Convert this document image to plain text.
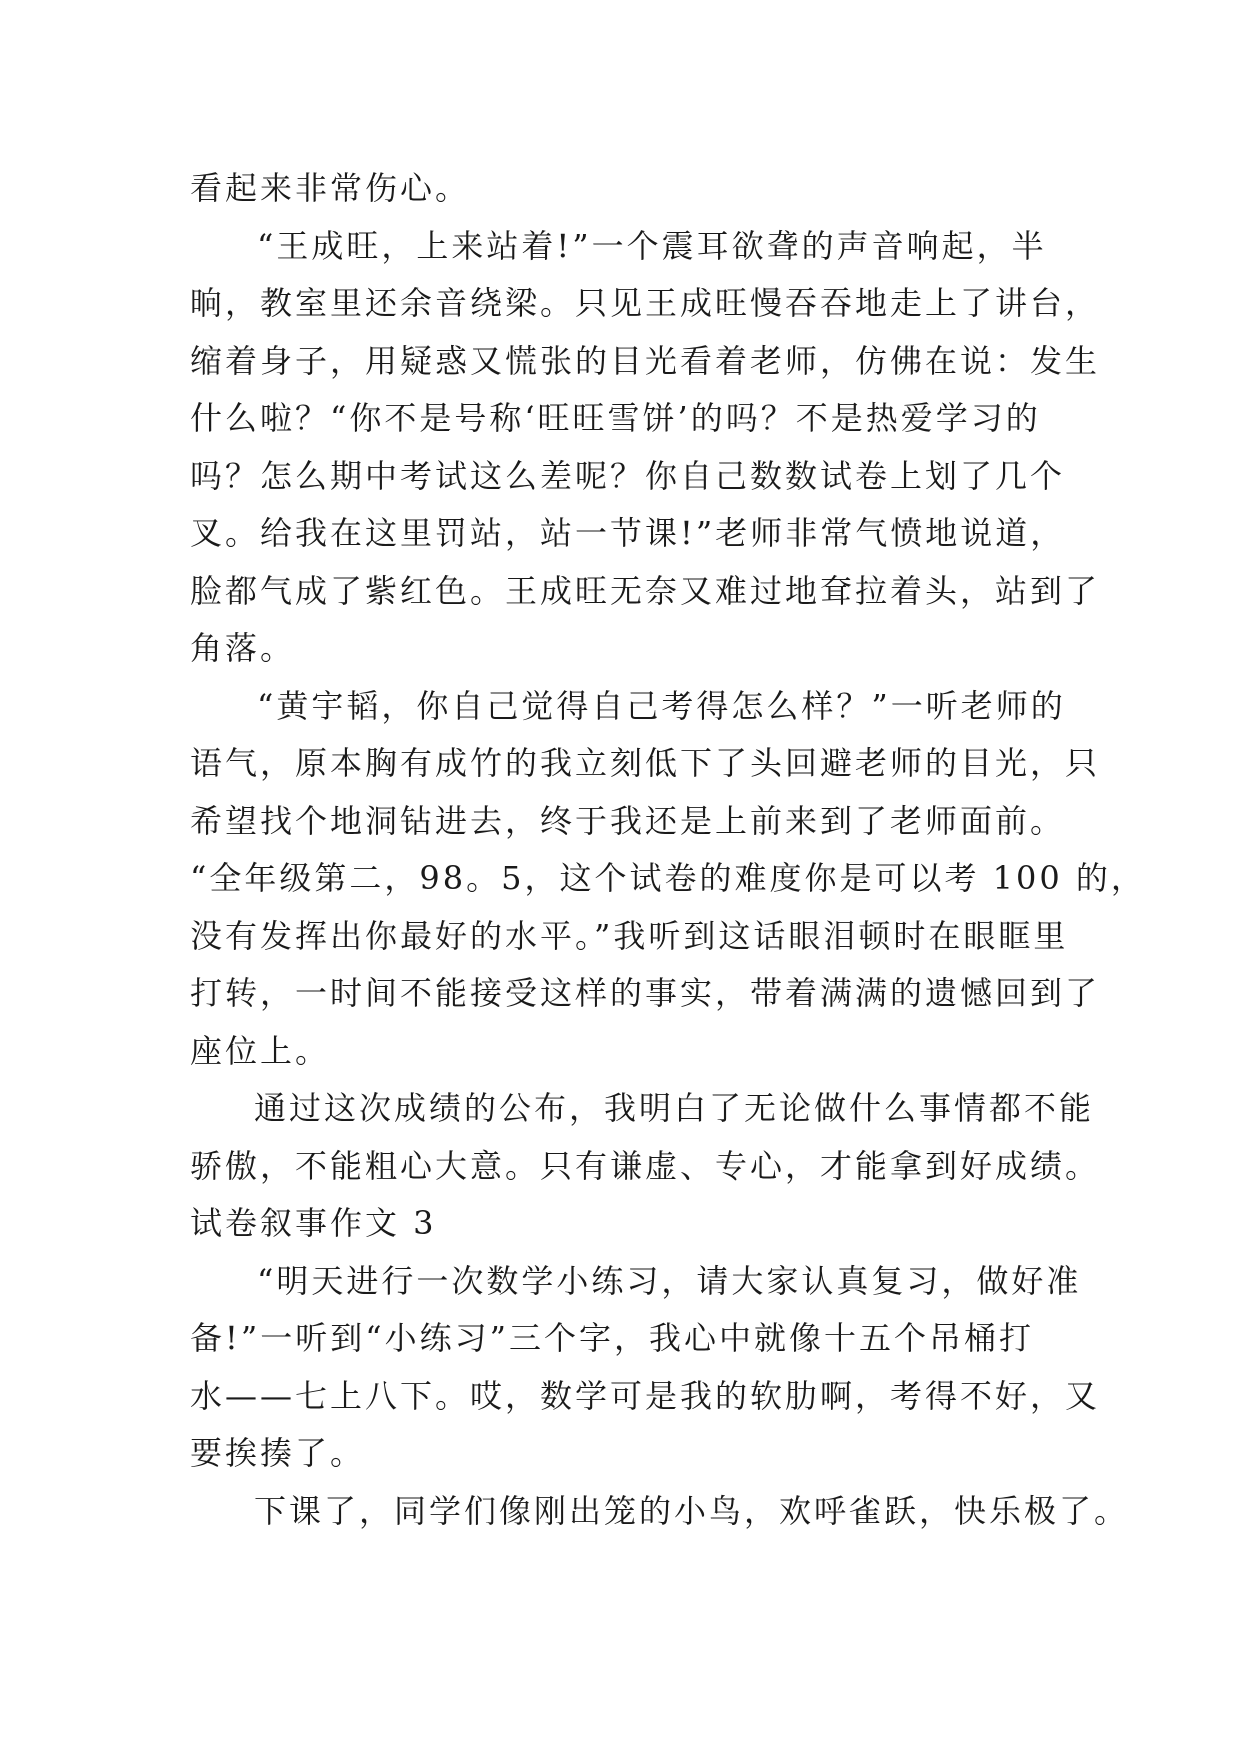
看起来非常伤心。
“王成旺，上来站着!”一个震耳欲聋的声音响起，半
晌，教室里还余音绕梁。只见王成旺慢吞吞地走上了讲台，
缩着身子，用疑惑又慌张的目光看着老师，仿佛在说：发生
什么啦？“你不是号称‘旺旺雪饼’的吗？不是热爱学习的
吗？怎么期中考试这么差呢？你自己数数试卷上划了几个
叉。给我在这里罚站，站一节课!”老师非常气愤地说道，
脸都气成了紫红色。王成旺无奈又难过地耷拉着头，站到了
角落。
“黄宇韬，你自己觉得自己考得怎么样？”一听老师的
语气，原本胸有成竹的我立刻低下了头回避老师的目光，只
希望找个地洞钻进去，终于我还是上前来到了老师面前。
“全年级第二，98。5，这个试卷的难度你是可以考 100 的，
没有发挥出你最好的水平。”我听到这话眼泪顿时在眼眶里
打转，一时间不能接受这样的事实，带着满满的遗憾回到了
座位上。
通过这次成绩的公布，我明白了无论做什么事情都不能
骄傲，不能粗心大意。只有谦虚、专心，才能拿到好成绩。
试卷叙事作文 3
“明天进行一次数学小练习，请大家认真复习，做好准
备!”一听到“小练习”三个字，我心中就像十五个吊桶打
水——七上八下。哎，数学可是我的软肋啊，考得不好，又
要挨揍了。
下课了，同学们像刚出笼的小鸟，欢呼雀跃，快乐极了。
